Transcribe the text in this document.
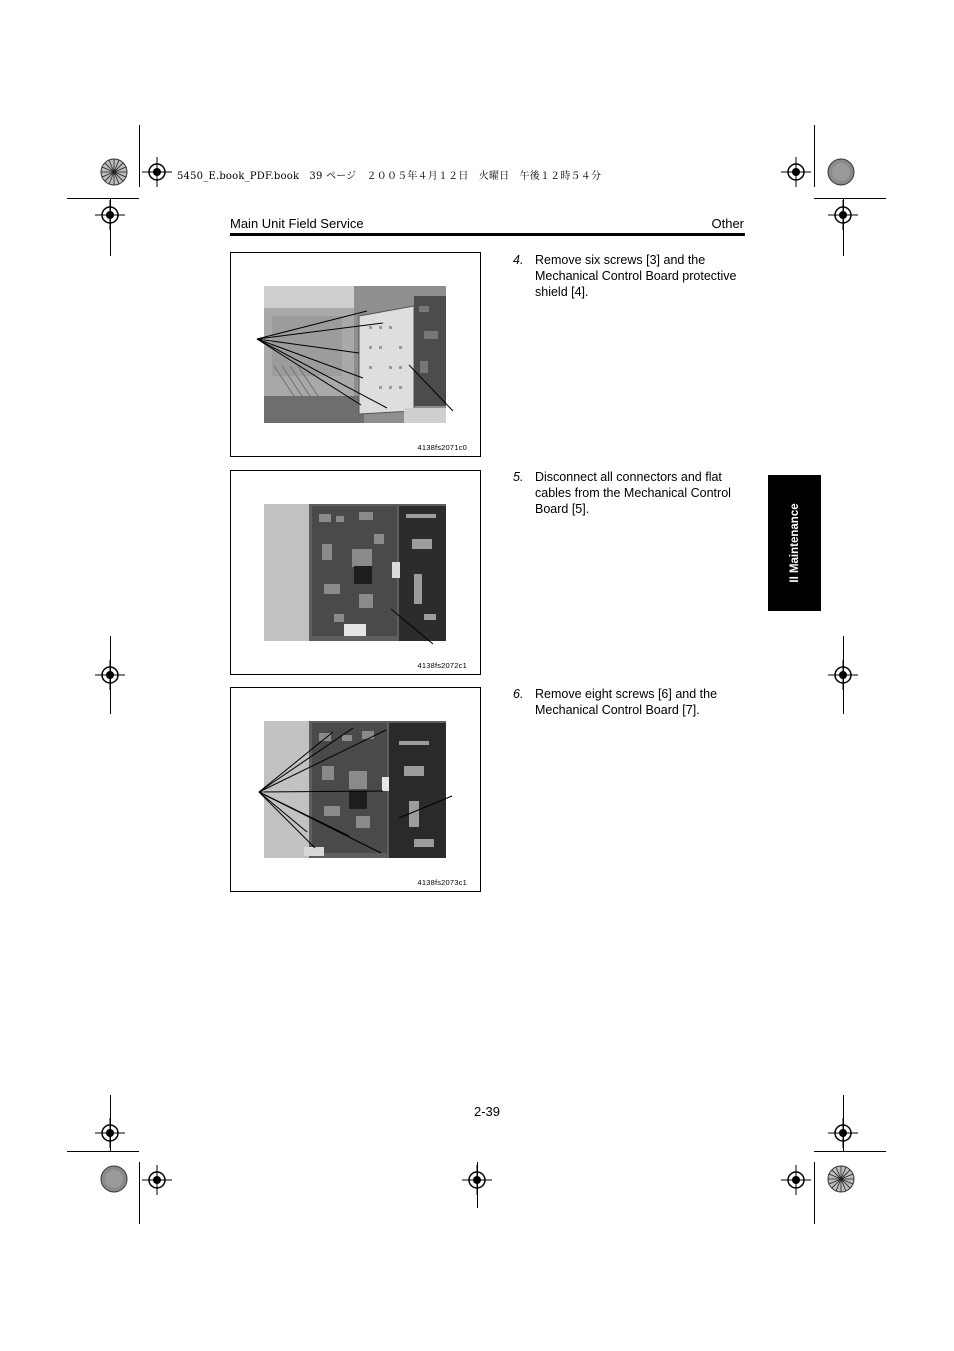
5450_E.book_PDF.book　39 ページ　２００５年４月１２日　火曜日　午後１２時５４分
Main Unit Field Service	Other
4138fs2071c0
4138fs2072c1
4138fs2073c1
4. Remove six screws [3] and the Mechanical Control Board protective shield [4].
5. Disconnect all connectors and flat cables from the Mechanical Control Board [5].
6. Remove eight screws [6] and the Mechanical Control Board [7].
II Maintenance
2-39
